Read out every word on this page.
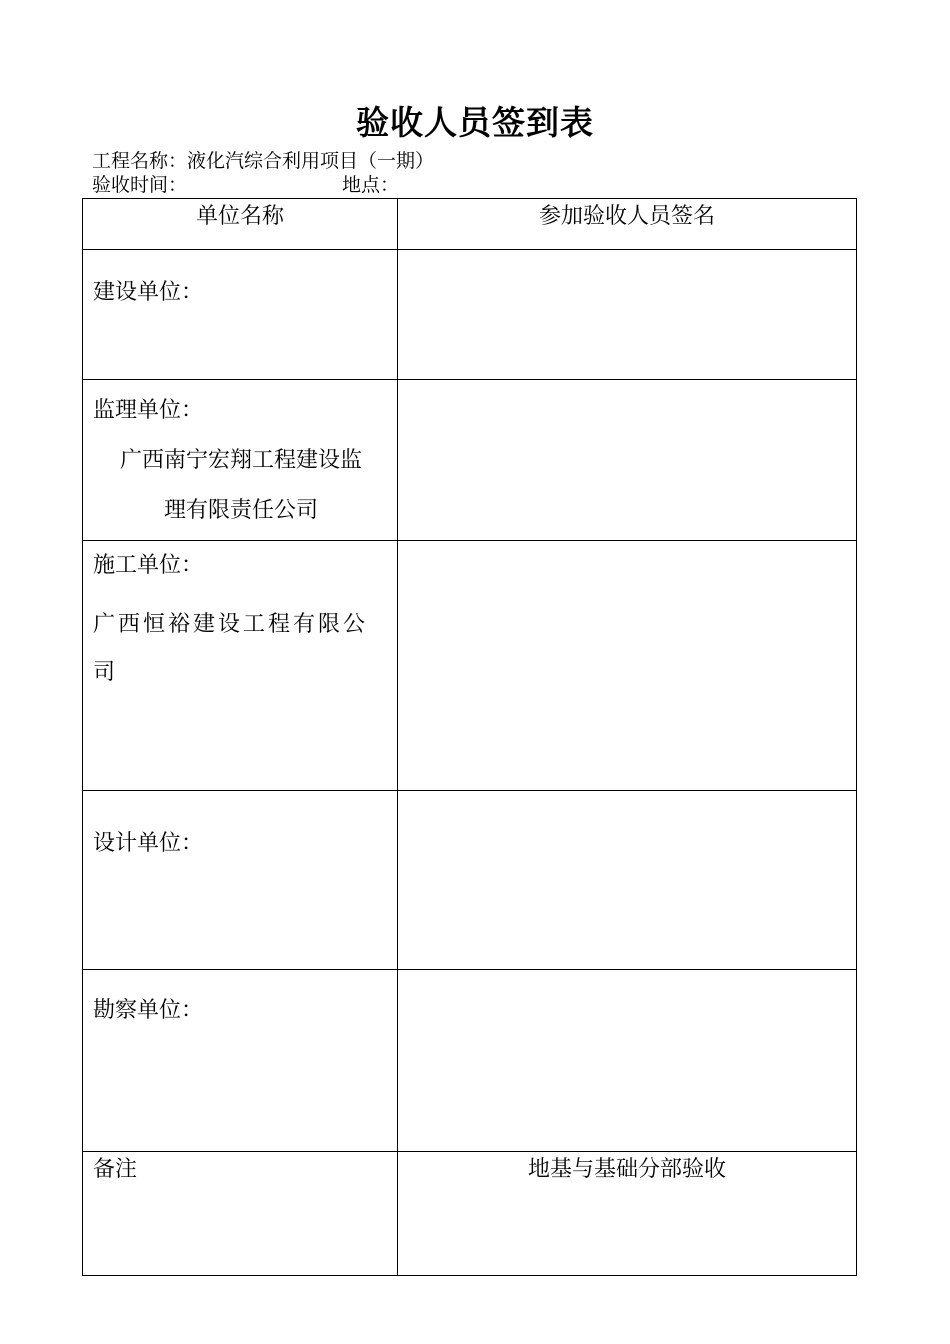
验收人员签到表
工程名称：液化汽综合利用项目（一期）
验收时间：	地点：
单位名称	参加验收人员签名

建设单位：	

监理单位：
广西南宁宏翔工程建设监
理有限责任公司	

施工单位：
广西恒裕建设工程有限公司	

设计单位：	

勘察单位：	

备注	地基与基础分部验收
